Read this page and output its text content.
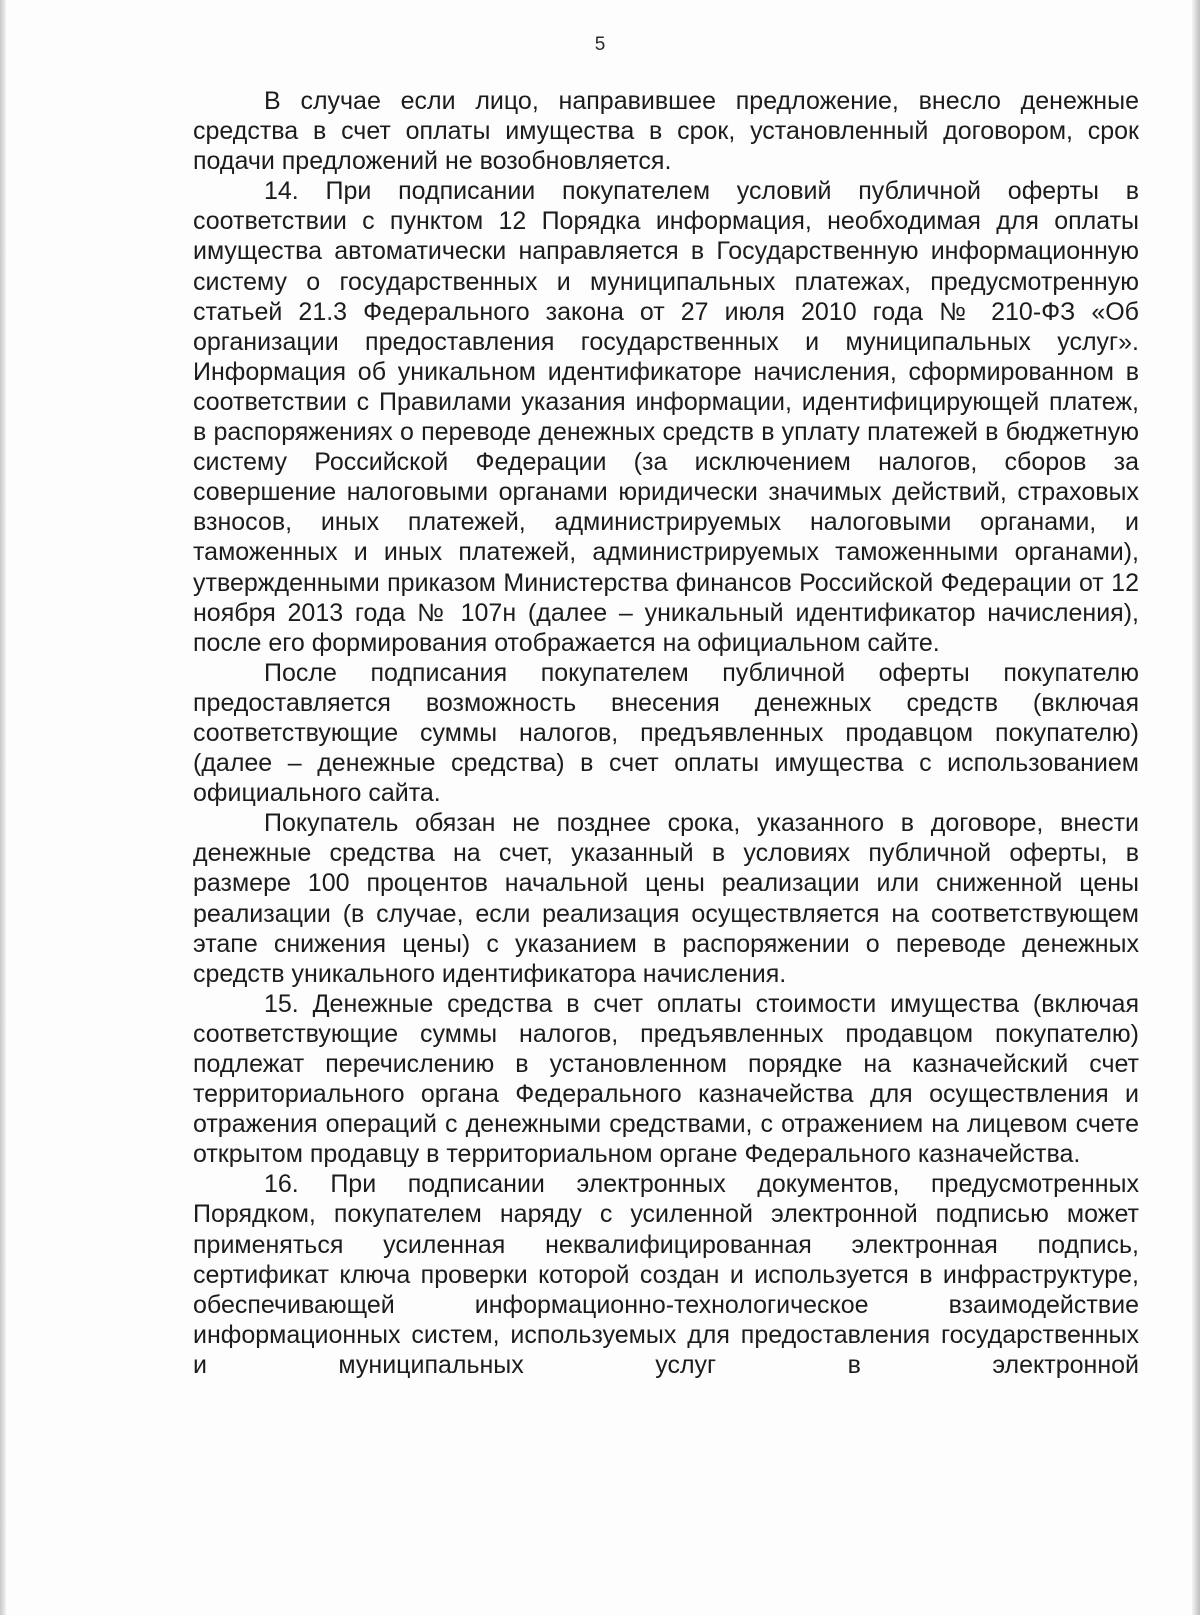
5

В случае если лицо, направившее предложение, внесло денежные средства в счет оплаты имущества в срок, установленный договором, срок подачи предложений не возобновляется.

14. При подписании покупателем условий публичной оферты в соответствии с пунктом 12 Порядка информация, необходимая для оплаты имущества автоматически направляется в Государственную информационную систему о государственных и муниципальных платежах, предусмотренную статьей 21.3 Федерального закона от 27 июля 2010 года № 210-ФЗ «Об организации предоставления государственных и муниципальных услуг». Информация об уникальном идентификаторе начисления, сформированном в соответствии с Правилами указания информации, идентифицирующей платеж, в распоряжениях о переводе денежных средств в уплату платежей в бюджетную систему Российской Федерации (за исключением налогов, сборов за совершение налоговыми органами юридически значимых действий, страховых взносов, иных платежей, администрируемых налоговыми органами, и таможенных и иных платежей, администрируемых таможенными органами), утвержденными приказом Министерства финансов Российской Федерации от 12 ноября 2013 года № 107н (далее – уникальный идентификатор начисления), после его формирования отображается на официальном сайте.

После подписания покупателем публичной оферты покупателю предоставляется возможность внесения денежных средств (включая соответствующие суммы налогов, предъявленных продавцом покупателю) (далее – денежные средства) в счет оплаты имущества с использованием официального сайта.

Покупатель обязан не позднее срока, указанного в договоре, внести денежные средства на счет, указанный в условиях публичной оферты, в размере 100 процентов начальной цены реализации или сниженной цены реализации (в случае, если реализация осуществляется на соответствующем этапе снижения цены) с указанием в распоряжении о переводе денежных средств уникального идентификатора начисления.

15. Денежные средства в счет оплаты стоимости имущества (включая соответствующие суммы налогов, предъявленных продавцом покупателю) подлежат перечислению в установленном порядке на казначейский счет территориального органа Федерального казначейства для осуществления и отражения операций с денежными средствами, с отражением на лицевом счете открытом продавцу в территориальном органе Федерального казначейства.

16. При подписании электронных документов, предусмотренных Порядком, покупателем наряду с усиленной электронной подписью может применяться усиленная неквалифицированная электронная подпись, сертификат ключа проверки которой создан и используется в инфраструктуре, обеспечивающей информационно-технологическое взаимодействие информационных систем, используемых для предоставления государственных и муниципальных услуг в электронной
